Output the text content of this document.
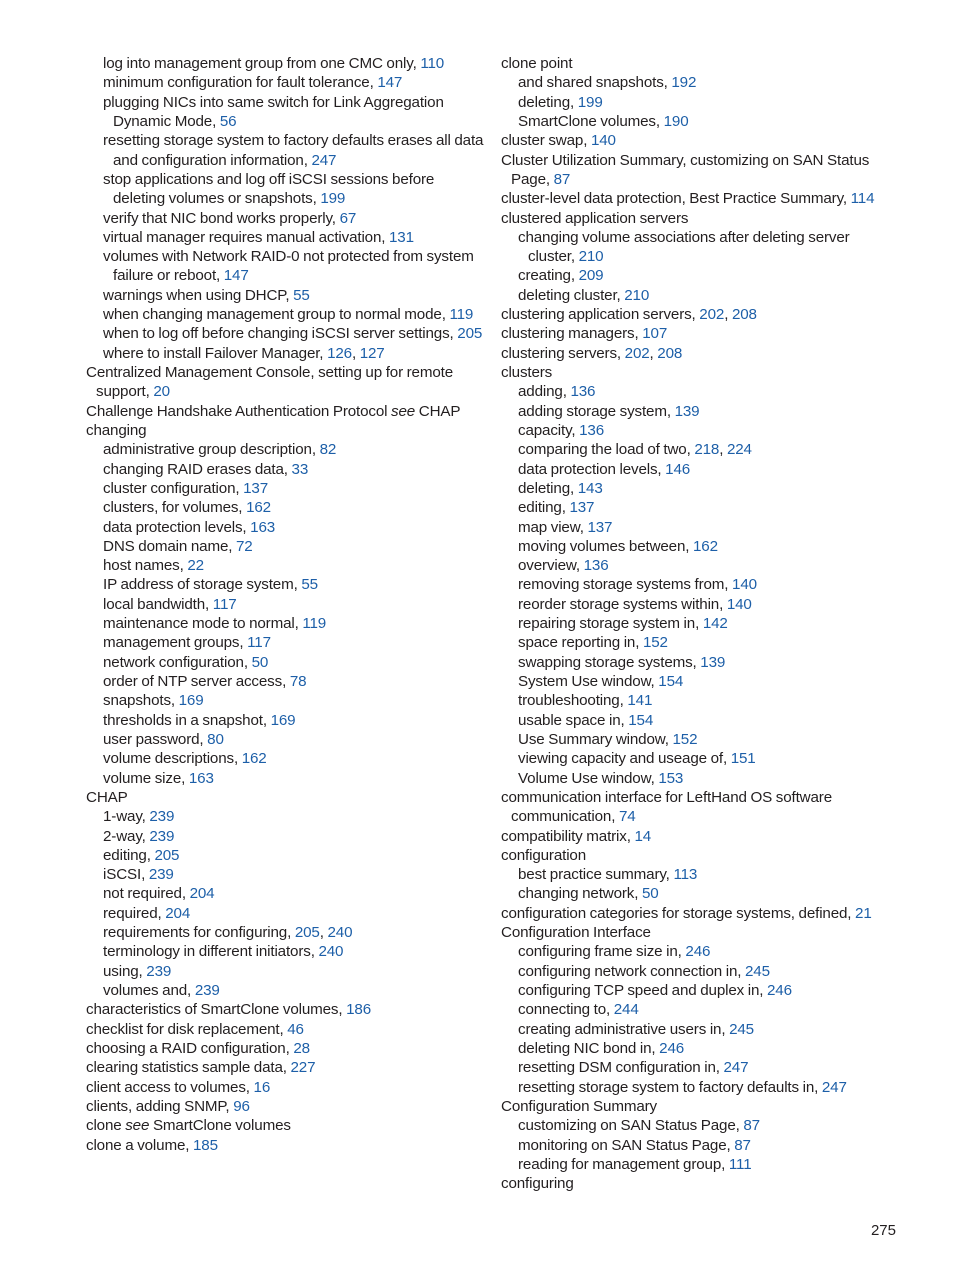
log into management group from one CMC only, 110
minimum configuration for fault tolerance, 147
plugging NICs into same switch for Link Aggregation Dynamic Mode, 56
resetting storage system to factory defaults erases all data and configuration information, 247
stop applications and log off iSCSI sessions before deleting volumes or snapshots, 199
verify that NIC bond works properly, 67
virtual manager requires manual activation, 131
volumes with Network RAID-0 not protected from system failure or reboot, 147
warnings when using DHCP, 55
when changing management group to normal mode, 119
when to log off before changing iSCSI server settings, 205
where to install Failover Manager, 126, 127
Centralized Management Console, setting up for remote support, 20
Challenge Handshake Authentication Protocol see CHAP
changing
administrative group description, 82
changing RAID erases data, 33
cluster configuration, 137
clusters, for volumes, 162
data protection levels, 163
DNS domain name, 72
host names, 22
IP address of storage system, 55
local bandwidth, 117
maintenance mode to normal, 119
management groups, 117
network configuration, 50
order of NTP server access, 78
snapshots, 169
thresholds in a snapshot, 169
user password, 80
volume descriptions, 162
volume size, 163
CHAP
1-way, 239
2-way, 239
editing, 205
iSCSI, 239
not required, 204
required, 204
requirements for configuring, 205, 240
terminology in different initiators, 240
using, 239
volumes and, 239
characteristics of SmartClone volumes, 186
checklist for disk replacement, 46
choosing a RAID configuration, 28
clearing statistics sample data, 227
client access to volumes, 16
clients, adding SNMP, 96
clone see SmartClone volumes
clone a volume, 185
clone point
and shared snapshots, 192
deleting, 199
SmartClone volumes, 190
cluster swap, 140
Cluster Utilization Summary, customizing on SAN Status Page, 87
cluster-level data protection, Best Practice Summary, 114
clustered application servers
changing volume associations after deleting server cluster, 210
creating, 209
deleting cluster, 210
clustering application servers, 202, 208
clustering managers, 107
clustering servers, 202, 208
clusters
adding, 136
adding storage system, 139
capacity, 136
comparing the load of two, 218, 224
data protection levels, 146
deleting, 143
editing, 137
map view, 137
moving volumes between, 162
overview, 136
removing storage systems from, 140
reorder storage systems within, 140
repairing storage system in, 142
space reporting in, 152
swapping storage systems, 139
System Use window, 154
troubleshooting, 141
usable space in, 154
Use Summary window, 152
viewing capacity and useage of, 151
Volume Use window, 153
communication interface for LeftHand OS software communication, 74
compatibility matrix, 14
configuration
best practice summary, 113
changing network, 50
configuration categories for storage systems, defined, 21
Configuration Interface
configuring frame size in, 246
configuring network connection in, 245
configuring TCP speed and duplex in, 246
connecting to, 244
creating administrative users in, 245
deleting NIC bond in, 246
resetting DSM configuration in, 247
resetting storage system to factory defaults in, 247
Configuration Summary
customizing on SAN Status Page, 87
monitoring on SAN Status Page, 87
reading for management group, 111
configuring
275
